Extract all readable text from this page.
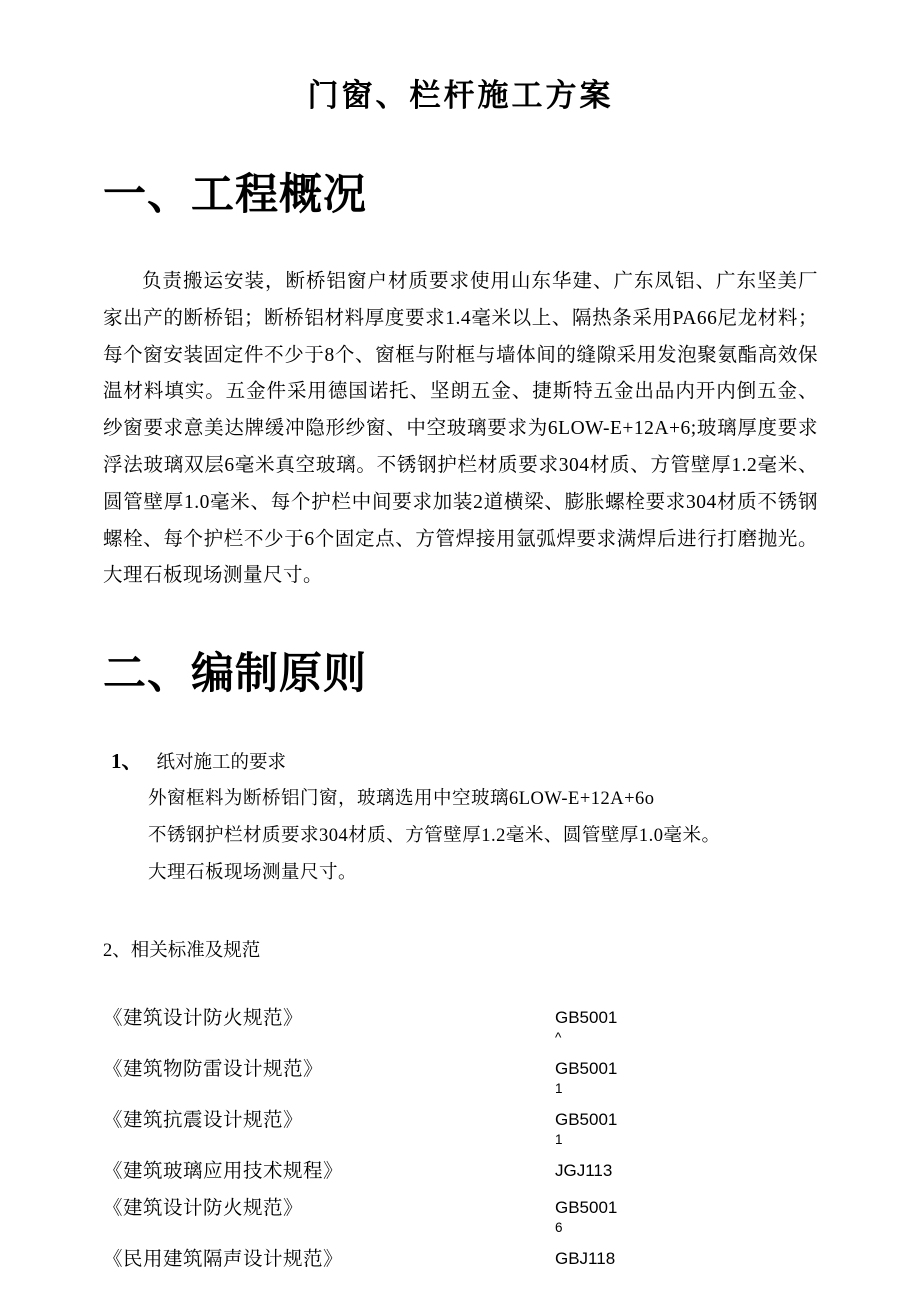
门窗、栏杆施工方案
一、工程概况

负责搬运安装，断桥铝窗户材质要求使用山东华建、广东凤铝、广东坚美厂家出产的断桥铝；断桥铝材料厚度要求1.4毫米以上、隔热条采用PA66尼龙材料；每个窗安装固定件不少于8个、窗框与附框与墙体间的缝隙采用发泡聚氨酯高效保温材料填实。五金件采用德国诺托、坚朗五金、捷斯特五金出品内开内倒五金、纱窗要求意美达牌缓冲隐形纱窗、中空玻璃要求为6LOW-E+12A+6;玻璃厚度要求浮法玻璃双层6毫米真空玻璃。不锈钢护栏材质要求304材质、方管壁厚1.2毫米、圆管壁厚1.0毫米、每个护栏中间要求加装2道横梁、膨胀螺栓要求304材质不锈钢螺栓、每个护栏不少于6个固定点、方管焊接用氩弧焊要求满焊后进行打磨抛光。大理石板现场测量尺寸。

二、编制原则
1、 纸对施工的要求
外窗框料为断桥铝门窗，玻璃选用中空玻璃6LOW-E+12A+6o
不锈钢护栏材质要求304材质、方管壁厚1.2毫米、圆管壁厚1.0毫米。
大理石板现场测量尺寸。
2、相关标准及规范
《建筑设计防火规范》	GB5001
^
《建筑物防雷设计规范》	GB5001
1
《建筑抗震设计规范》	GB5001
1
《建筑玻璃应用技术规程》	JGJ113
《建筑设计防火规范》	GB5001
6
《民用建筑隔声设计规范》	GBJ118
